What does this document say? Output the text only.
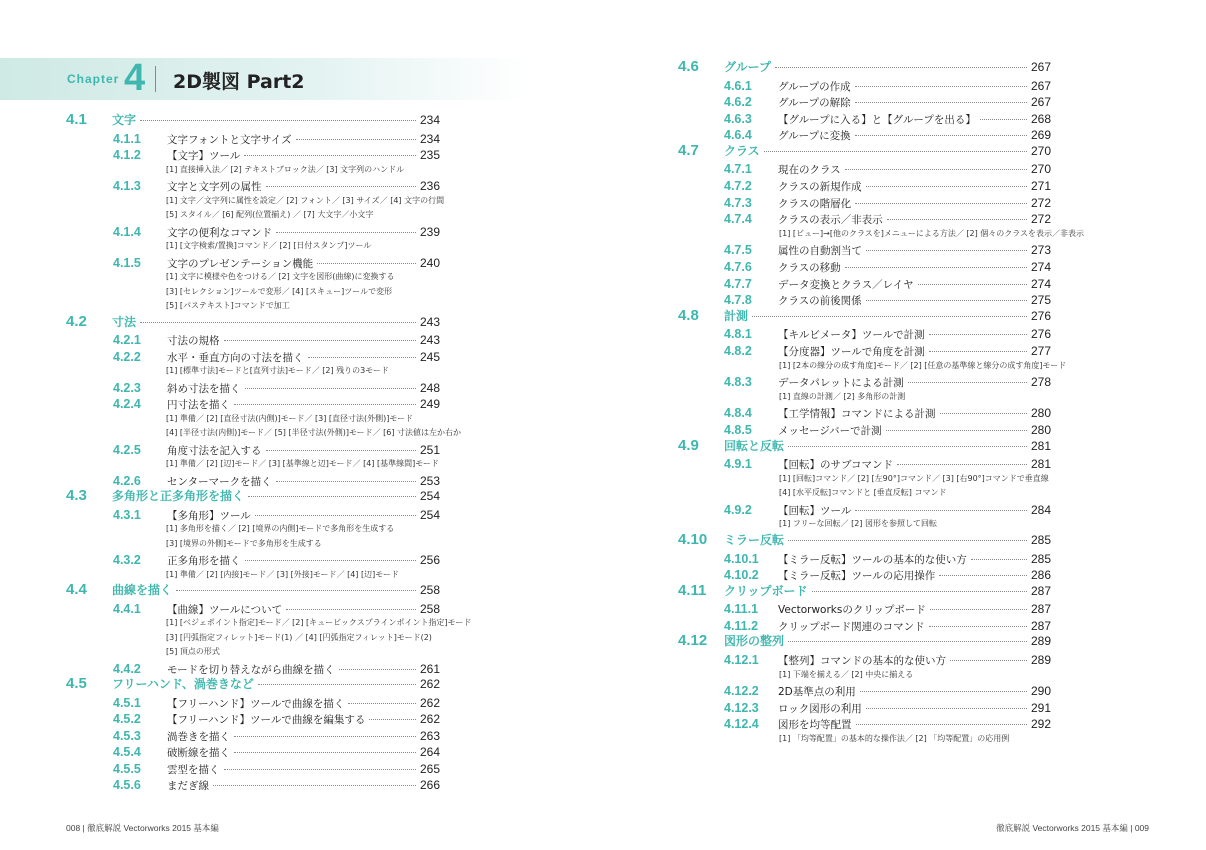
Chapter 4 2D製図 Part2
4.1	文字	234
4.1.1	文字フォントと文字サイズ	234
4.1.2	【文字】ツール	235
[1] 直接挿入法／ [2] テキストブロック法／ [3] 文字列のハンドル
4.1.3	文字と文字列の属性	236
[1] 文字／文字列に属性を設定／ [2] フォント／ [3] サイズ／ [4] 文字の行間
[5] スタイル／ [6] 配列(位置揃え) ／ [7] 大文字／小文字
4.1.4	文字の便利なコマンド	239
[1] [文字検索/置換]コマンド／ [2] [日付スタンプ]ツール
4.1.5	文字のプレゼンテーション機能	240
[1] 文字に模様や色をつける／ [2] 文字を図形(曲線)に変換する
[3] [セレクション]ツールで変形／ [4] [スキュー]ツールで変形
[5] [パステキスト]コマンドで加工
4.2	寸法	243
4.2.1	寸法の規格	243
4.2.2	水平・垂直方向の寸法を描く	245
[1] [標準寸法]モードと[直列寸法]モード／ [2] 残りの3モード
4.2.3	斜め寸法を描く	248
4.2.4	円寸法を描く	249
[1] 準備／ [2] [直径寸法(内側)]モード／ [3] [直径寸法(外側)]モード
[4] [半径寸法(内側)]モード／ [5] [半径寸法(外側)]モード／ [6] 寸法値は左か右か
4.2.5	角度寸法を記入する	251
[1] 準備／ [2] [辺]モード／ [3] [基準線と辺]モード／ [4] [基準線間]モード
4.2.6	センターマークを描く	253
4.3	多角形と正多角形を描く	254
4.3.1	【多角形】ツール	254
[1] 多角形を描く／ [2] [境界の内側]モードで多角形を生成する
[3] [境界の外側]モードで多角形を生成する
4.3.2	正多角形を描く	256
[1] 準備／ [2] [内接]モード／ [3] [外接]モード／ [4] [辺]モード
4.4	曲線を描く	258
4.4.1	【曲線】ツールについて	258
[1] [ベジェポイント指定]モード／ [2] [キュービックスプラインポイント指定]モード
[3] [円弧指定フィレット]モード(1) ／ [4] [円弧指定フィレット]モード(2)
[5] 頂点の形式
4.4.2	モードを切り替えながら曲線を描く	261
4.5	フリーハンド、渦巻きなど	262
4.5.1	【フリーハンド】ツールで曲線を描く	262
4.5.2	【フリーハンド】ツールで曲線を編集する	262
4.5.3	渦巻きを描く	263
4.5.4	破断線を描く	264
4.5.5	雲型を描く	265
4.5.6	まだぎ線	266
008 | 徹底解説 Vectorworks 2015 基本編
4.6	グループ	267
4.6.1	グループの作成	267
4.6.2	グループの解除	267
4.6.3	【グループに入る】と【グループを出る】	268
4.6.4	グループに変換	269
4.7	クラス	270
4.7.1	現在のクラス	270
4.7.2	クラスの新規作成	271
4.7.3	クラスの階層化	272
4.7.4	クラスの表示／非表示	272
[1] [ビュー]→[他のクラスを]メニューによる方法／ [2] 個々のクラスを表示／非表示
4.7.5	属性の自動割当て	273
4.7.6	クラスの移動	274
4.7.7	データ変換とクラス／レイヤ	274
4.7.8	クラスの前後関係	275
4.8	計測	276
4.8.1	【キルビメータ】ツールで計測	276
4.8.2	【分度器】ツールで角度を計測	277
[1] [2本の線分の成す角度]モード／ [2] [任意の基準線と線分の成す角度]モード
4.8.3	データパレットによる計測	278
[1] 直線の計測／ [2] 多角形の計測
4.8.4	【工学情報】コマンドによる計測	280
4.8.5	メッセージバーで計測	280
4.9	回転と反転	281
4.9.1	【回転】のサブコマンド	281
[1] [回転]コマンド／ [2] [左90°]コマンド／ [3] [右90°]コマンドで垂直線
[4] [水平反転]コマンドと [垂直反転] コマンド
4.9.2	【回転】ツール	284
[1] フリーな回転／ [2] 図形を参照して回転
4.10	ミラー反転	285
4.10.1	【ミラー反転】ツールの基本的な使い方	285
4.10.2	【ミラー反転】ツールの応用操作	286
4.11	クリップボード	287
4.11.1	Vectorworksのクリップボード	287
4.11.2	クリップボード関連のコマンド	287
4.12	図形の整列	289
4.12.1	【整列】コマンドの基本的な使い方	289
[1] 下端を揃える／ [2] 中央に揃える
4.12.2	2D基準点の利用	290
4.12.3	ロック図形の利用	291
4.12.4	図形を均等配置	292
[1] 「均等配置」の基本的な操作法／ [2] 「均等配置」の応用例
徹底解説 Vectorworks 2015 基本編 | 009
